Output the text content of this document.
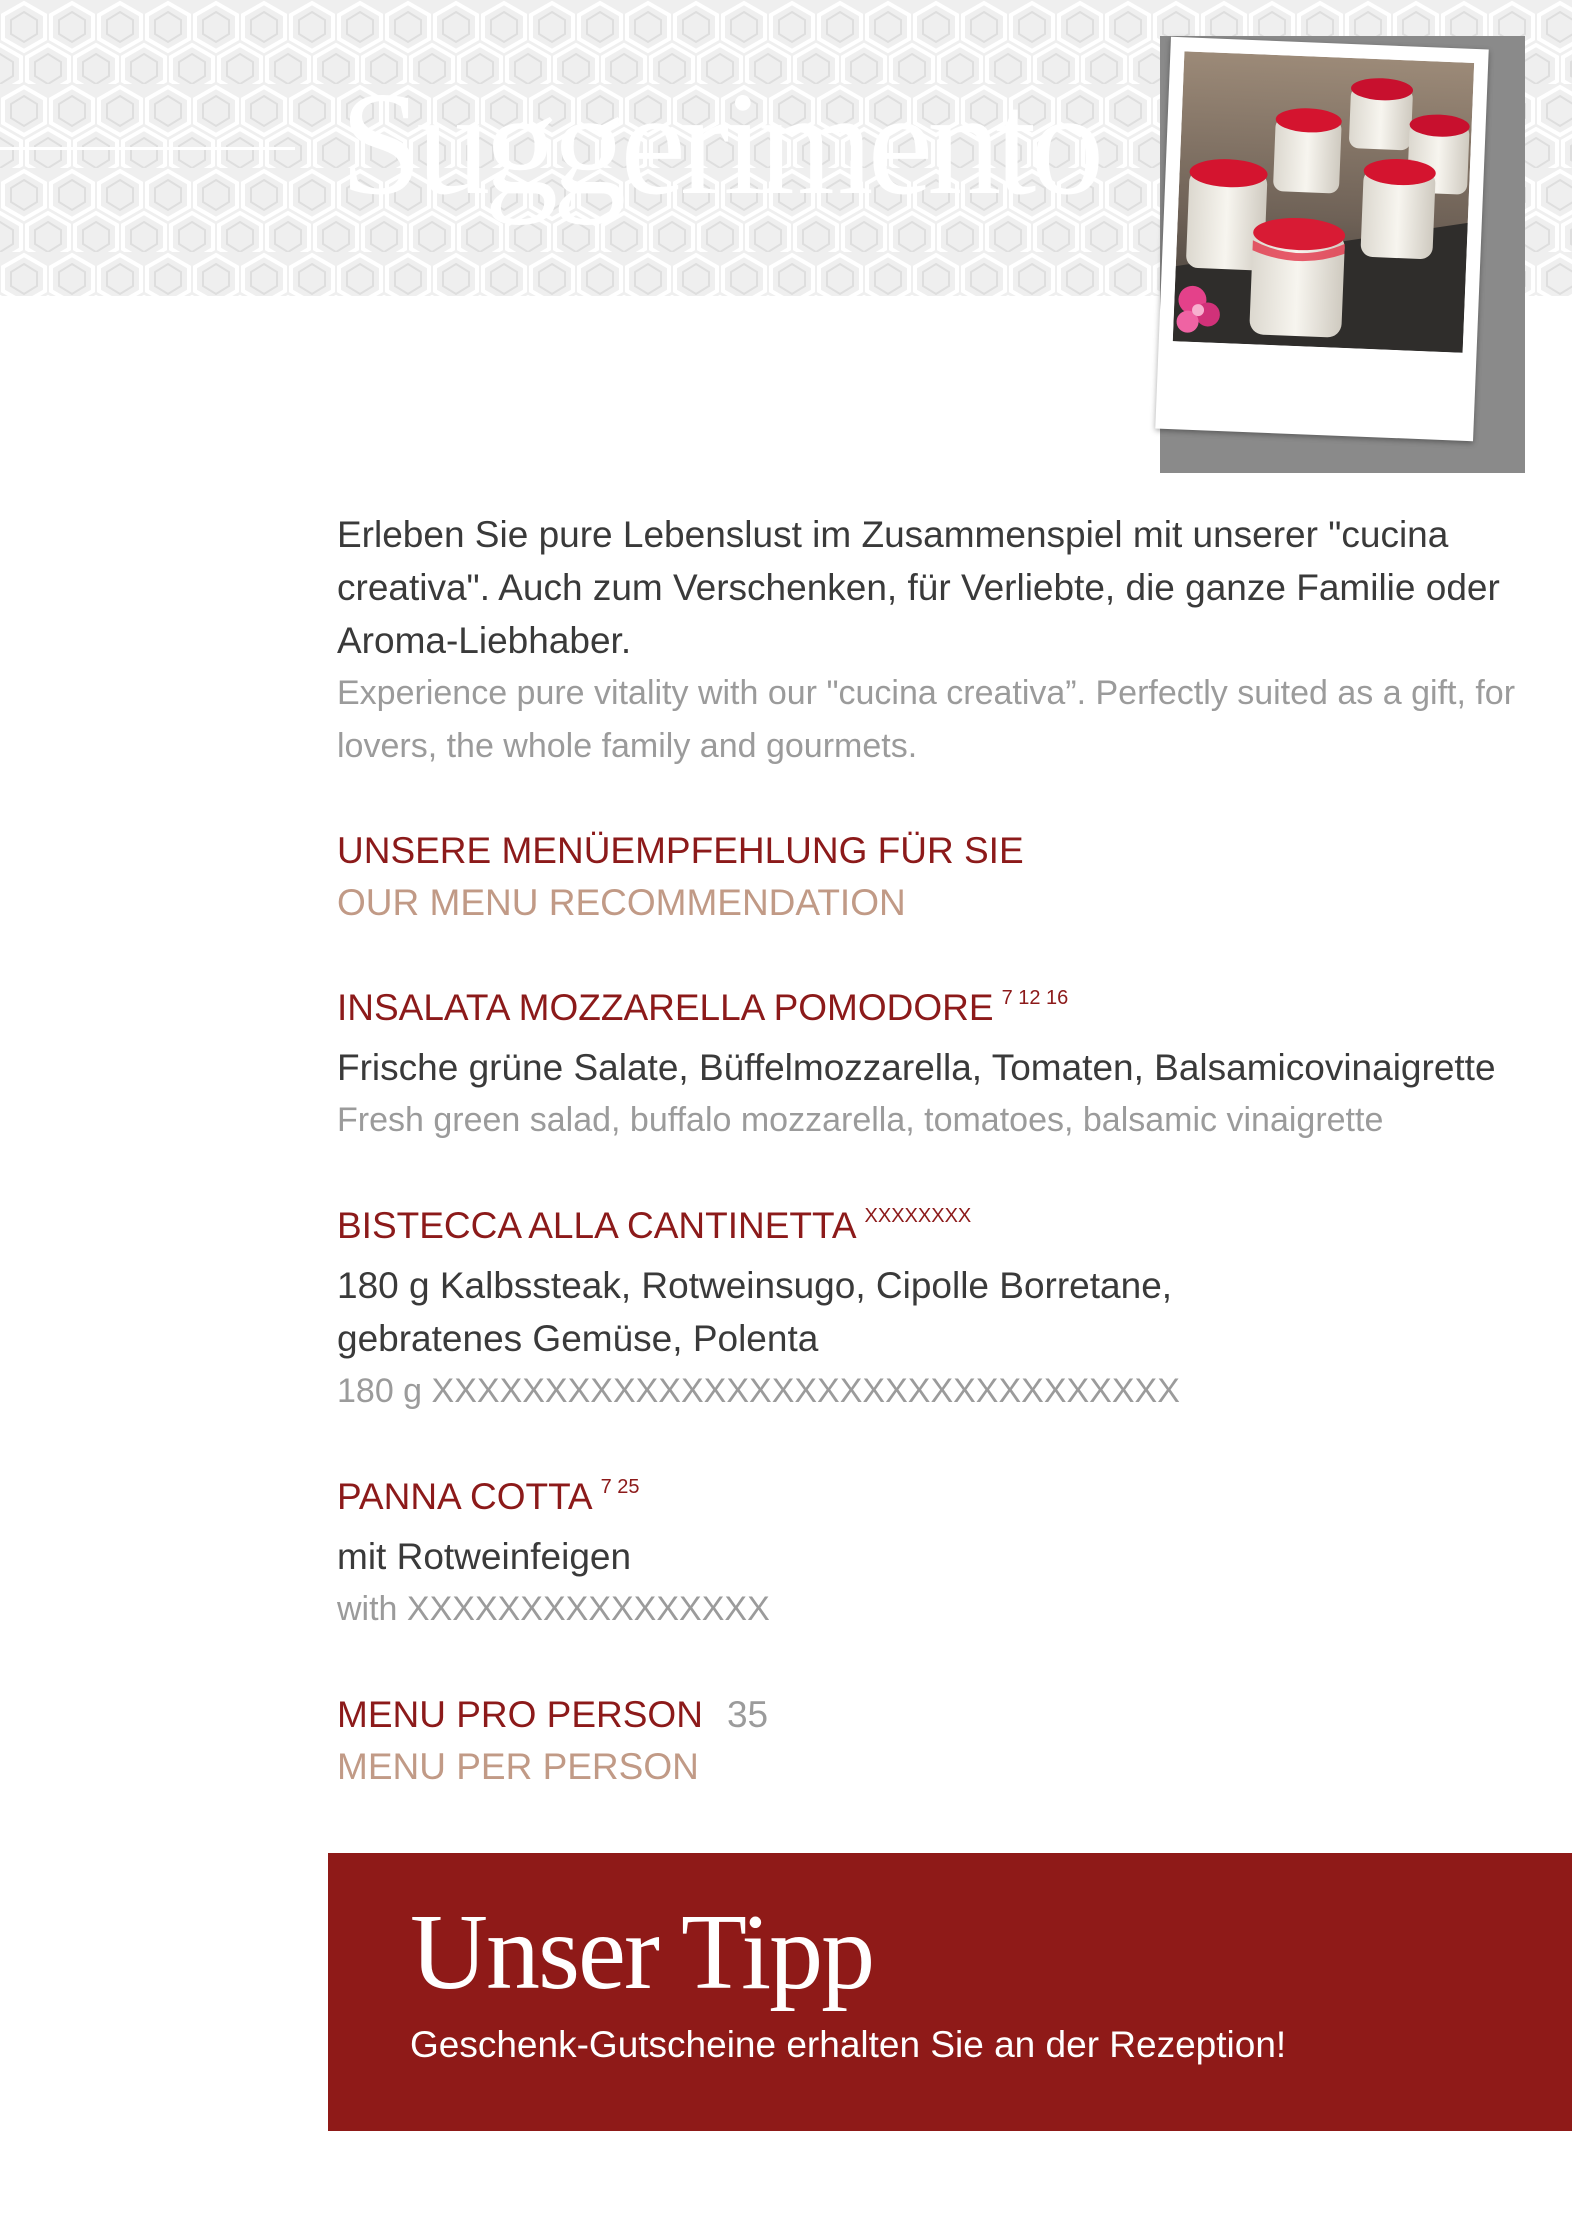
Suggerimento

Erleben Sie pure Lebenslust im Zusammenspiel mit unserer "cucina creativa". Auch zum Verschenken, für Verliebte, die ganze Familie oder Aroma-Liebhaber.

Experience pure vitality with our "cucina creativa”. Perfectly suited as a gift, for lovers, the whole family and gourmets.

UNSERE MENÜEMPFEHLUNG FÜR SIE

OUR MENU RECOMMENDATION

INSALATA MOZZARELLA POMODORE $^{7 12 16}$

Frische grüne Salate, Büffelmozzarella, Tomaten, Balsamicovinaigrette

Fresh green salad, buffalo mozzarella, tomatoes, balsamic vinaigrette

BISTECCA ALLA CANTINETTA $^{XXXXXXXX}$

180 g Kalbssteak, Rotweinsugo, Cipolle Borretane,

gebratenes Gemüse, Polenta

180 g XXXXXXXXXXXXXXXXXXXXXXXXXXXXXXXXX

PANNA COTTA $^{7 25}$

mit Rotweinfeigen

with XXXXXXXXXXXXXXXX

MENU PRO PERSON 35

MENU PER PERSON

Unser Tipp
Geschenk-Gutscheine erhalten Sie an der Rezeption!
